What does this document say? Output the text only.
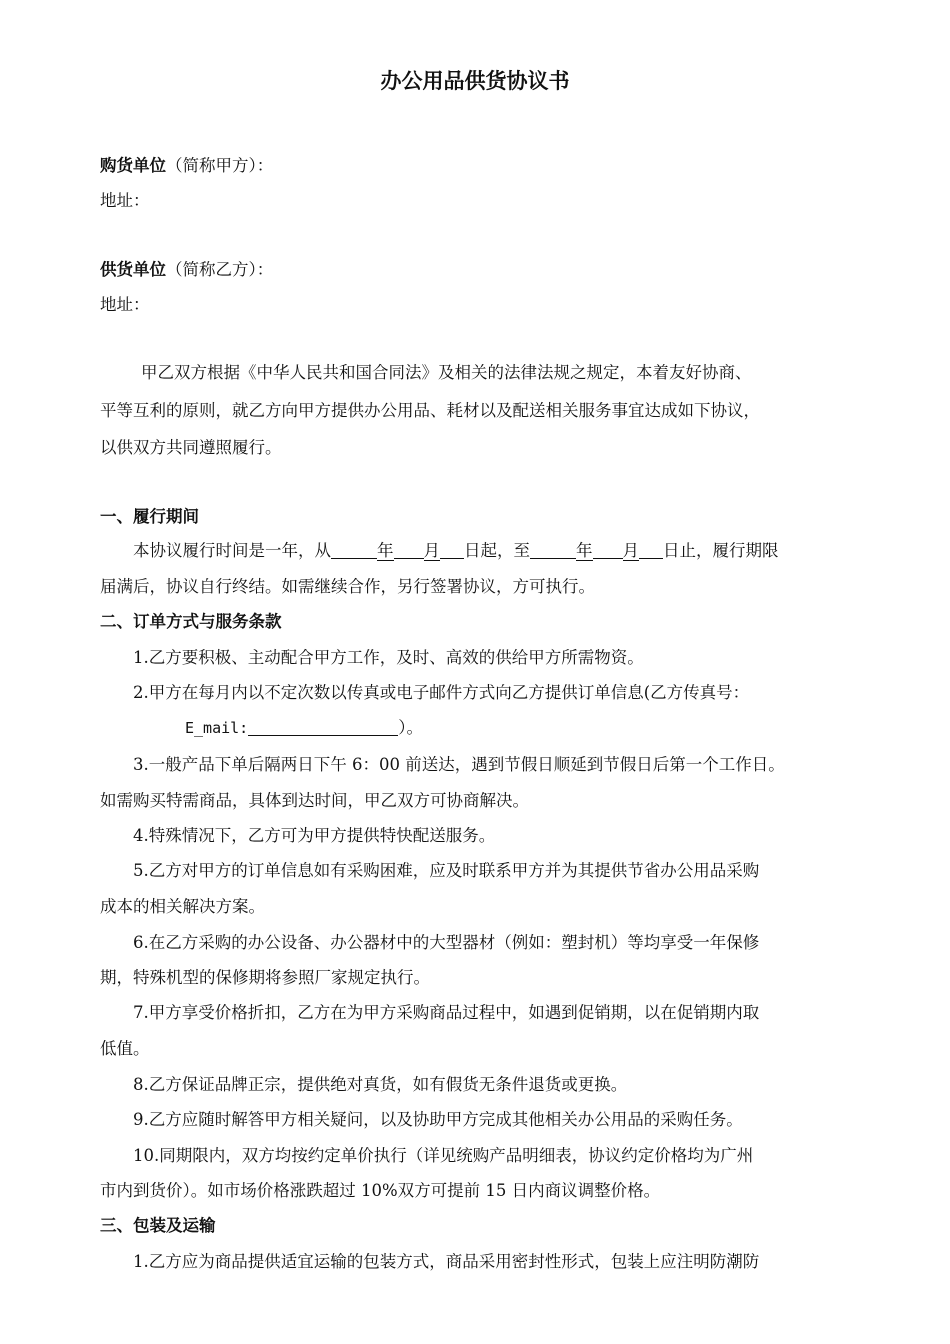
办公用品供货协议书
购货单位（简称甲方）：
地址：
供货单位（简称乙方）：
地址：
甲乙双方根据《中华人民共和国合同法》及相关的法律法规之规定，本着友好协商、
平等互利的原则，就乙方向甲方提供办公用品、耗材以及配送相关服务事宜达成如下协议，
以供双方共同遵照履行。
一、履行期间
本协议履行时间是一年，从	年 月 日起，至	年 月 日止，履行期限
届满后，协议自行终结。如需继续合作，另行签署协议，方可执行。
二、订单方式与服务条款
1.乙方要积极、主动配合甲方工作，及时、高效的供给甲方所需物资。
2.甲方在每月内以不定次数以传真或电子邮件方式向乙方提供订单信息(乙方传真号：
E_mail:	）。
3.一般产品下单后隔两日下午 6：00 前送达，遇到节假日顺延到节假日后第一个工作日。
如需购买特需商品，具体到达时间，甲乙双方可协商解决。
4.特殊情况下，乙方可为甲方提供特快配送服务。
5.乙方对甲方的订单信息如有采购困难，应及时联系甲方并为其提供节省办公用品采购
成本的相关解决方案。
6.在乙方采购的办公设备、办公器材中的大型器材（例如：塑封机）等均享受一年保修
期，特殊机型的保修期将参照厂家规定执行。
7.甲方享受价格折扣，乙方在为甲方采购商品过程中，如遇到促销期，以在促销期内取
低值。
8.乙方保证品牌正宗，提供绝对真货，如有假货无条件退货或更换。
9.乙方应随时解答甲方相关疑问，以及协助甲方完成其他相关办公用品的采购任务。
10.同期限内，双方均按约定单价执行（详见统购产品明细表，协议约定价格均为广州
市内到货价）。如市场价格涨跌超过 10%双方可提前 15 日内商议调整价格。
三、包装及运输
1.乙方应为商品提供适宜运输的包装方式，商品采用密封性形式，包装上应注明防潮防
